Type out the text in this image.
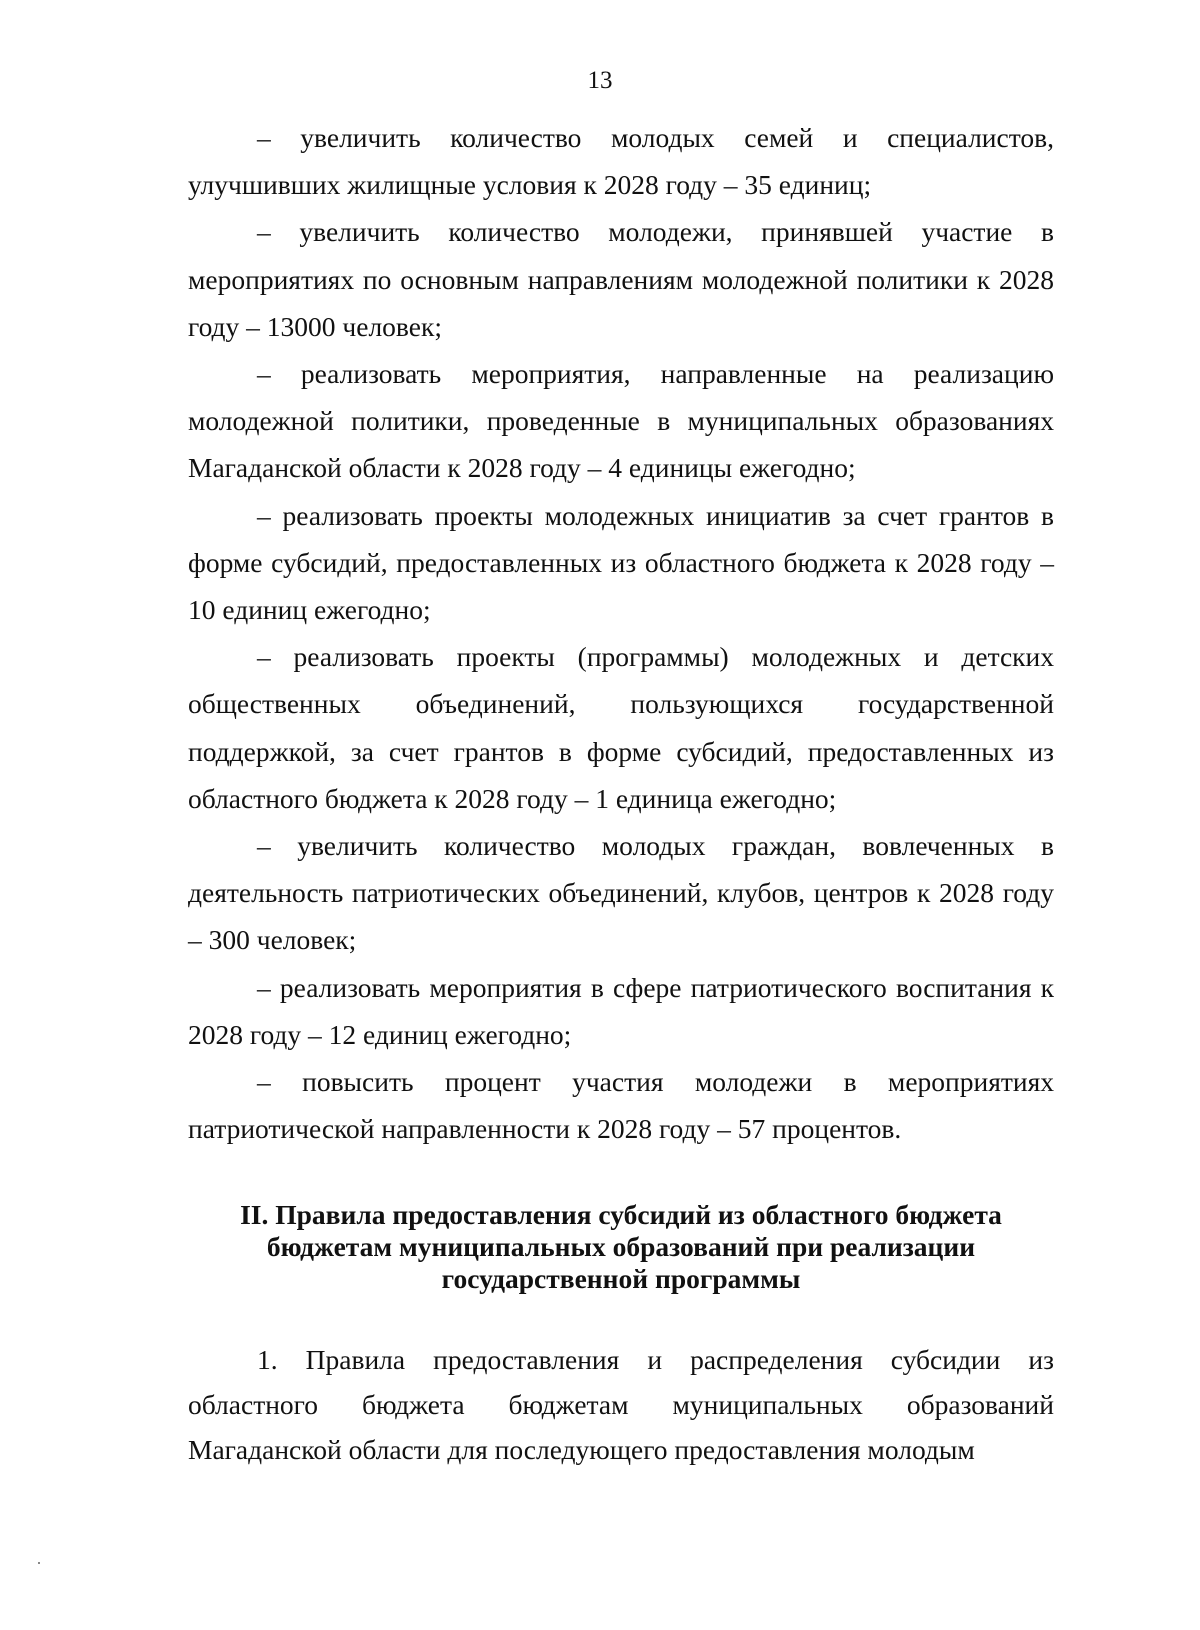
13

– увеличить количество молодых семей и специалистов, улучшивших жилищные условия к 2028 году – 35 единиц;

– увеличить количество молодежи, принявшей участие в мероприятиях по основным направлениям молодежной политики к 2028 году – 13000 человек;

– реализовать мероприятия, направленные на реализацию молодежной политики, проведенные в муниципальных образованиях Магаданской области к 2028 году – 4 единицы ежегодно;

– реализовать проекты молодежных инициатив за счет грантов в форме субсидий, предоставленных из областного бюджета к 2028 году – 10 единиц ежегодно;

– реализовать проекты (программы) молодежных и детских общественных объединений, пользующихся государственной поддержкой, за счет грантов в форме субсидий, предоставленных из областного бюджета к 2028 году – 1 единица ежегодно;

– увеличить количество молодых граждан, вовлеченных в деятельность патриотических объединений, клубов, центров к 2028 году – 300 человек;

– реализовать мероприятия в сфере патриотического воспитания к 2028 году – 12 единиц ежегодно;

– повысить процент участия молодежи в мероприятиях патриотической направленности к 2028 году – 57 процентов.

II. Правила предоставления субсидий из областного бюджета бюджетам муниципальных образований при реализации государственной программы

1. Правила предоставления и распределения субсидии из областного бюджета бюджетам муниципальных образований Магаданской области для последующего предоставления молодым
